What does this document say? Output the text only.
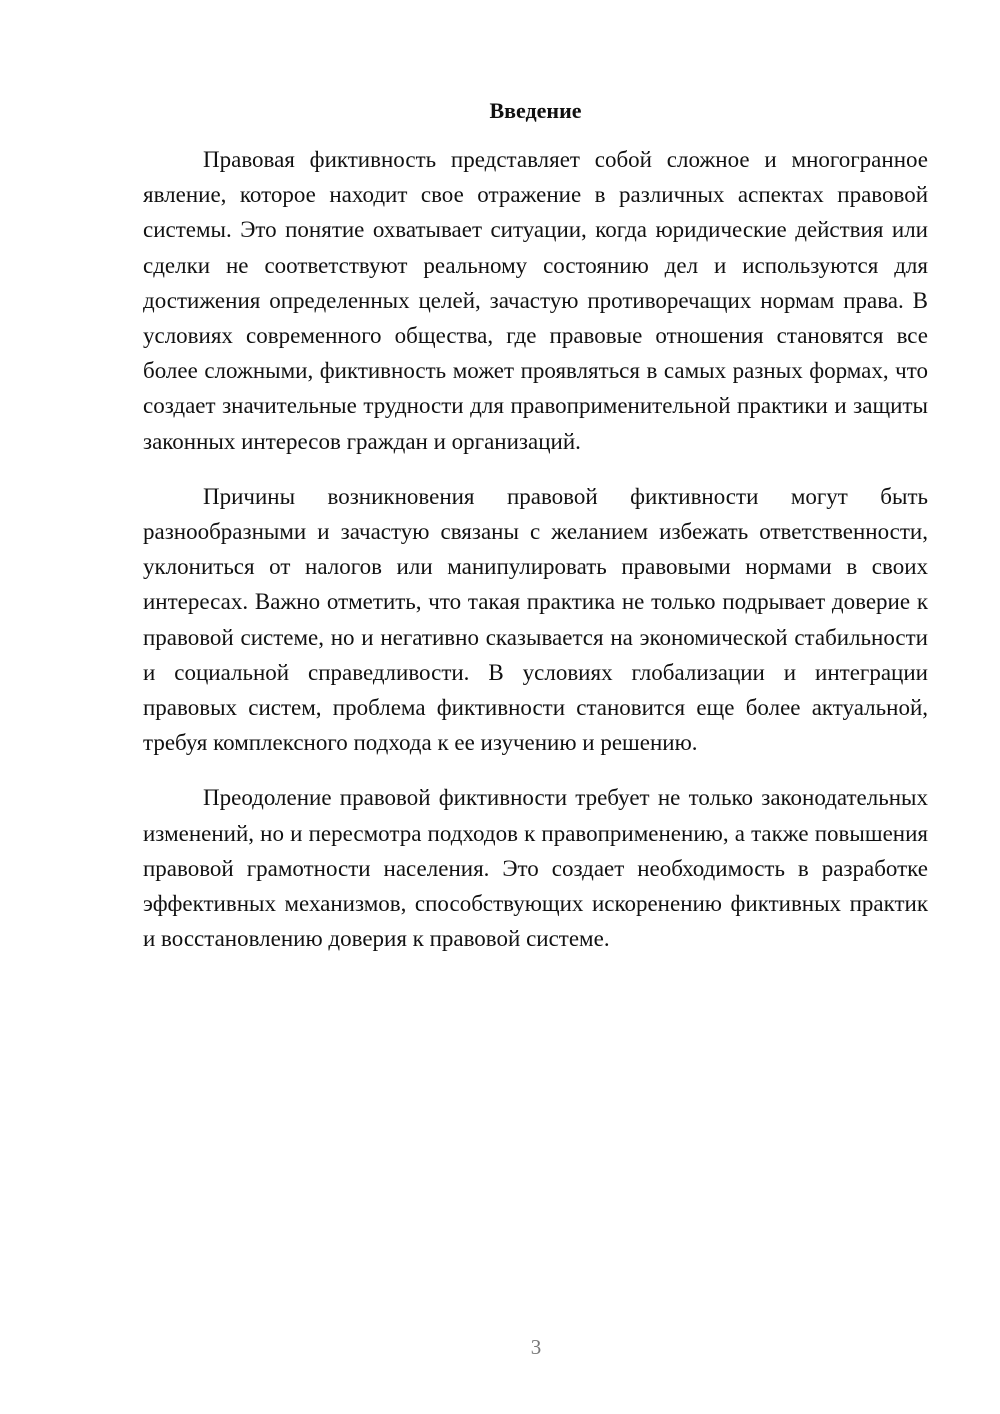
Введение

Правовая фиктивность представляет собой сложное и многогранное явление, которое находит свое отражение в различных аспектах правовой системы. Это понятие охватывает ситуации, когда юридические действия или сделки не соответствуют реальному состоянию дел и используются для достижения определенных целей, зачастую противоречащих нормам права. В условиях современного общества, где правовые отношения становятся все более сложными, фиктивность может проявляться в самых разных формах, что создает значительные трудности для правоприменительной практики и защиты законных интересов граждан и организаций.

Причины возникновения правовой фиктивности могут быть разнообразными и зачастую связаны с желанием избежать ответственности, уклониться от налогов или манипулировать правовыми нормами в своих интересах. Важно отметить, что такая практика не только подрывает доверие к правовой системе, но и негативно сказывается на экономической стабильности и социальной справедливости. В условиях глобализации и интеграции правовых систем, проблема фиктивности становится еще более актуальной, требуя комплексного подхода к ее изучению и решению.

Преодоление правовой фиктивности требует не только законодательных изменений, но и пересмотра подходов к правоприменению, а также повышения правовой грамотности населения. Это создает необходимость в разработке эффективных механизмов, способствующих искоренению фиктивных практик и восстановлению доверия к правовой системе.

3
